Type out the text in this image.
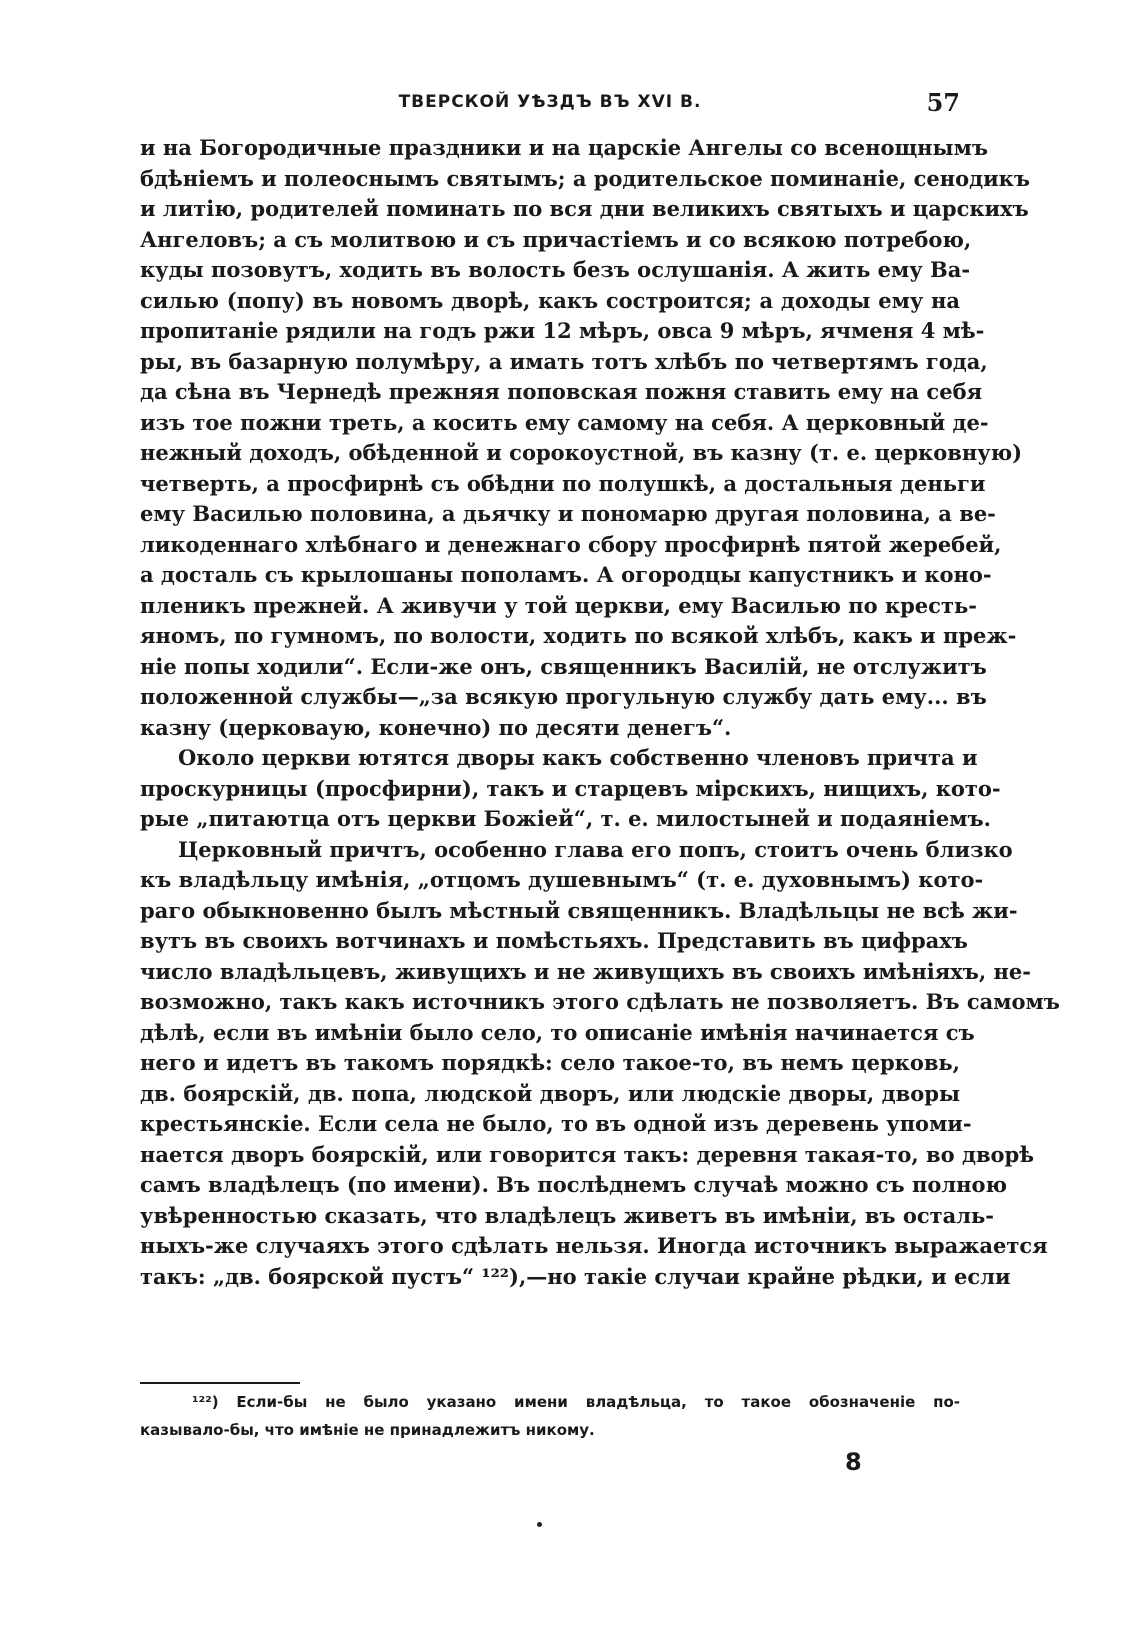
ТВЕРСКОЙ УѢЗДЪ ВЪ XVI В.	57
и на Богородичные праздники и на царскіе Ангелы со всенощнымъ
бдѣніемъ и полеоснымъ святымъ; а родительское поминаніе, сенодикъ
и литію, родителей поминать по вся дни великихъ святыхъ и царскихъ
Ангеловъ; а съ молитвою и съ причастіемъ и со всякою потребою,
куды позовутъ, ходить въ волость безъ ослушанія. А жить ему Ва-
силью (попу) въ новомъ дворѣ, какъ состроится; а доходы ему на
пропитаніе рядили на годъ ржи 12 мѣръ, овса 9 мѣръ, ячменя 4 мѣ-
ры, въ базарную полумѣру, а имать тотъ хлѣбъ по четвертямъ года,
да сѣна въ Чернедѣ прежняя поповская пожня ставить ему на себя
изъ тое пожни треть, а косить ему самому на себя. А церковный де-
нежный доходъ, обѣденной и сорокоустной, въ казну (т. е. церковную)
четверть, а просфирнѣ съ обѣдни по полушкѣ, а достальныя деньги
ему Василью половина, а дьячку и пономарю другая половина, а ве-
ликоденнаго хлѣбнаго и денежнаго сбору просфирнѣ пятой жеребей,
а досталь съ крылошаны пополамъ. А огородцы капустникъ и коно-
пленикъ прежней. А живучи у той церкви, ему Василью по кресть-
яномъ, по гумномъ, по волости, ходить по всякой хлѣбъ, какъ и преж-
ніе попы ходили“. Если-же онъ, священникъ Василій, не отслужитъ
положенной службы—„за всякую прогульную службу дать ему... въ
казну (церковаую, конечно) по десяти денегъ“.
Около церкви ютятся дворы какъ собственно членовъ причта и
проскурницы (просфирни), такъ и старцевъ мірскихъ, нищихъ, кото-
рые „питаютца отъ церкви Божіей“, т. е. милостыней и подаяніемъ.
Церковный причтъ, особенно глава его попъ, стоитъ очень близко
къ владѣльцу имѣнія, „отцомъ душевнымъ“ (т. е. духовнымъ) кото-
раго обыкновенно былъ мѣстный священникъ. Владѣльцы не всѣ жи-
вутъ въ своихъ вотчинахъ и помѣстьяхъ. Представить въ цифрахъ
число владѣльцевъ, живущихъ и не живущихъ въ своихъ имѣніяхъ, не-
возможно, такъ какъ источникъ этого сдѣлать не позволяетъ. Въ самомъ
дѣлѣ, если въ имѣніи было село, то описаніе имѣнія начинается съ
него и идетъ въ такомъ порядкѣ: село такое-то, въ немъ церковь,
дв. боярскій, дв. попа, людской дворъ, или людскіе дворы, дворы
крестьянскіе. Если села не было, то въ одной изъ деревень упоми-
нается дворъ боярскій, или говорится такъ: деревня такая-то, во дворѣ
самъ владѣлецъ (по имени). Въ послѣднемъ случаѣ можно съ полною
увѣренностью сказать, что владѣлецъ живетъ въ имѣніи, въ осталь-
ныхъ-же случаяхъ этого сдѣлать нельзя. Иногда источникъ выражается
такъ: „дв. боярской пустъ“ ¹²²),—но такіе случаи крайне рѣдки, и если
¹²²) Если-бы не было указано имени владѣльца, то такое обозначеніе по-
казывало-бы, что имѣніе не принадлежитъ никому.
8
